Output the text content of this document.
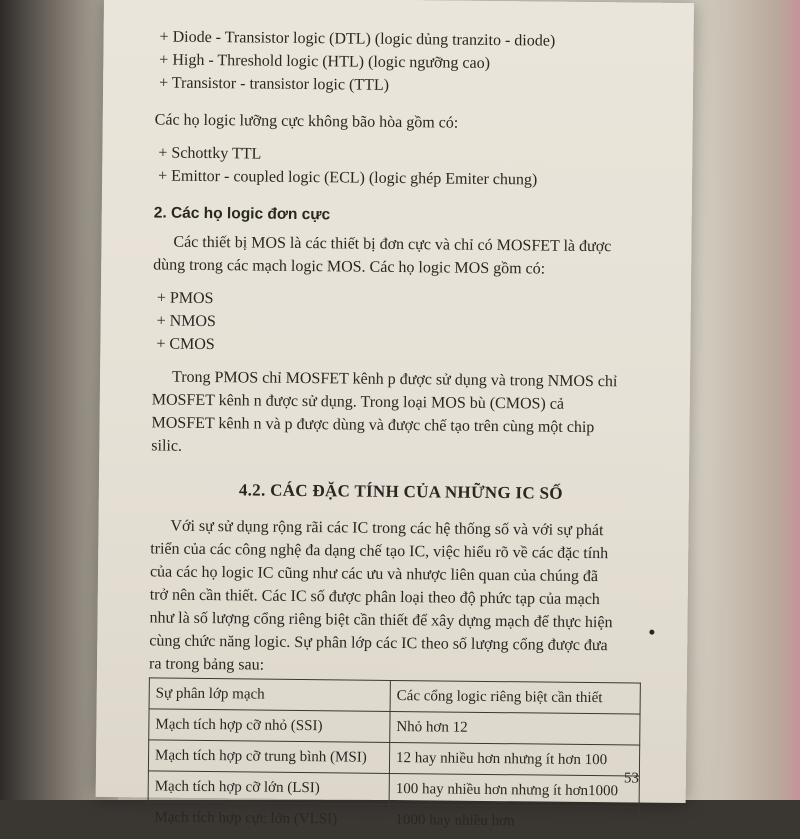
+ Diode - Transistor logic (DTL) (logic dủng tranzito - diode)
+ High - Threshold logic (HTL) (logic ngưỡng cao)
+ Transistor - transistor logic (TTL)
Các họ logic lưỡng cực không bão hòa gồm có:
+ Schottky TTL
+ Emittor - coupled logic (ECL) (logic ghép Emiter chung)
2. Các họ logic đơn cực
Các thiết bị MOS là các thiết bị đơn cực và chỉ có MOSFET là được
dùng trong các mạch logic MOS. Các họ logic MOS gồm có:
+ PMOS
+ NMOS
+ CMOS
Trong PMOS chỉ MOSFET kênh p được sử dụng và trong NMOS chỉ
MOSFET kênh n được sử dụng. Trong loại MOS bù (CMOS) cả
MOSFET kênh n và p được dùng và được chế tạo trên cùng một chip
silic.
4.2. CÁC ĐẶC TÍNH CỦA NHỮNG IC SỐ
Với sự sử dụng rộng rãi các IC trong các hệ thống số và với sự phát
triển của các công nghệ đa dạng chế tạo IC, việc hiểu rõ về các đặc tính
của các họ logic IC cũng như các ưu và nhược liên quan của chúng đã
trở nên cần thiết. Các IC số được phân loại theo độ phức tạp của mạch
như là số lượng cổng riêng biệt cần thiết để xây dựng mạch để thực hiện
cùng chức năng logic. Sự phân lớp các IC theo số lượng cổng được đưa
ra trong bảng sau:
Sự phân lớp mạch	Các cổng logic riêng biệt cần thiết
Mạch tích hợp cỡ nhỏ (SSI)	Nhỏ hơn 12
Mạch tích hợp cỡ trung bình (MSI)	12 hay nhiều hơn nhưng ít hơn 100
Mạch tích hợp cỡ lớn (LSI)	100 hay nhiều hơn nhưng ít hơn1000
Mạch tích hợp cực lớn (VLSI)	1000 hay nhiều hơn
53
